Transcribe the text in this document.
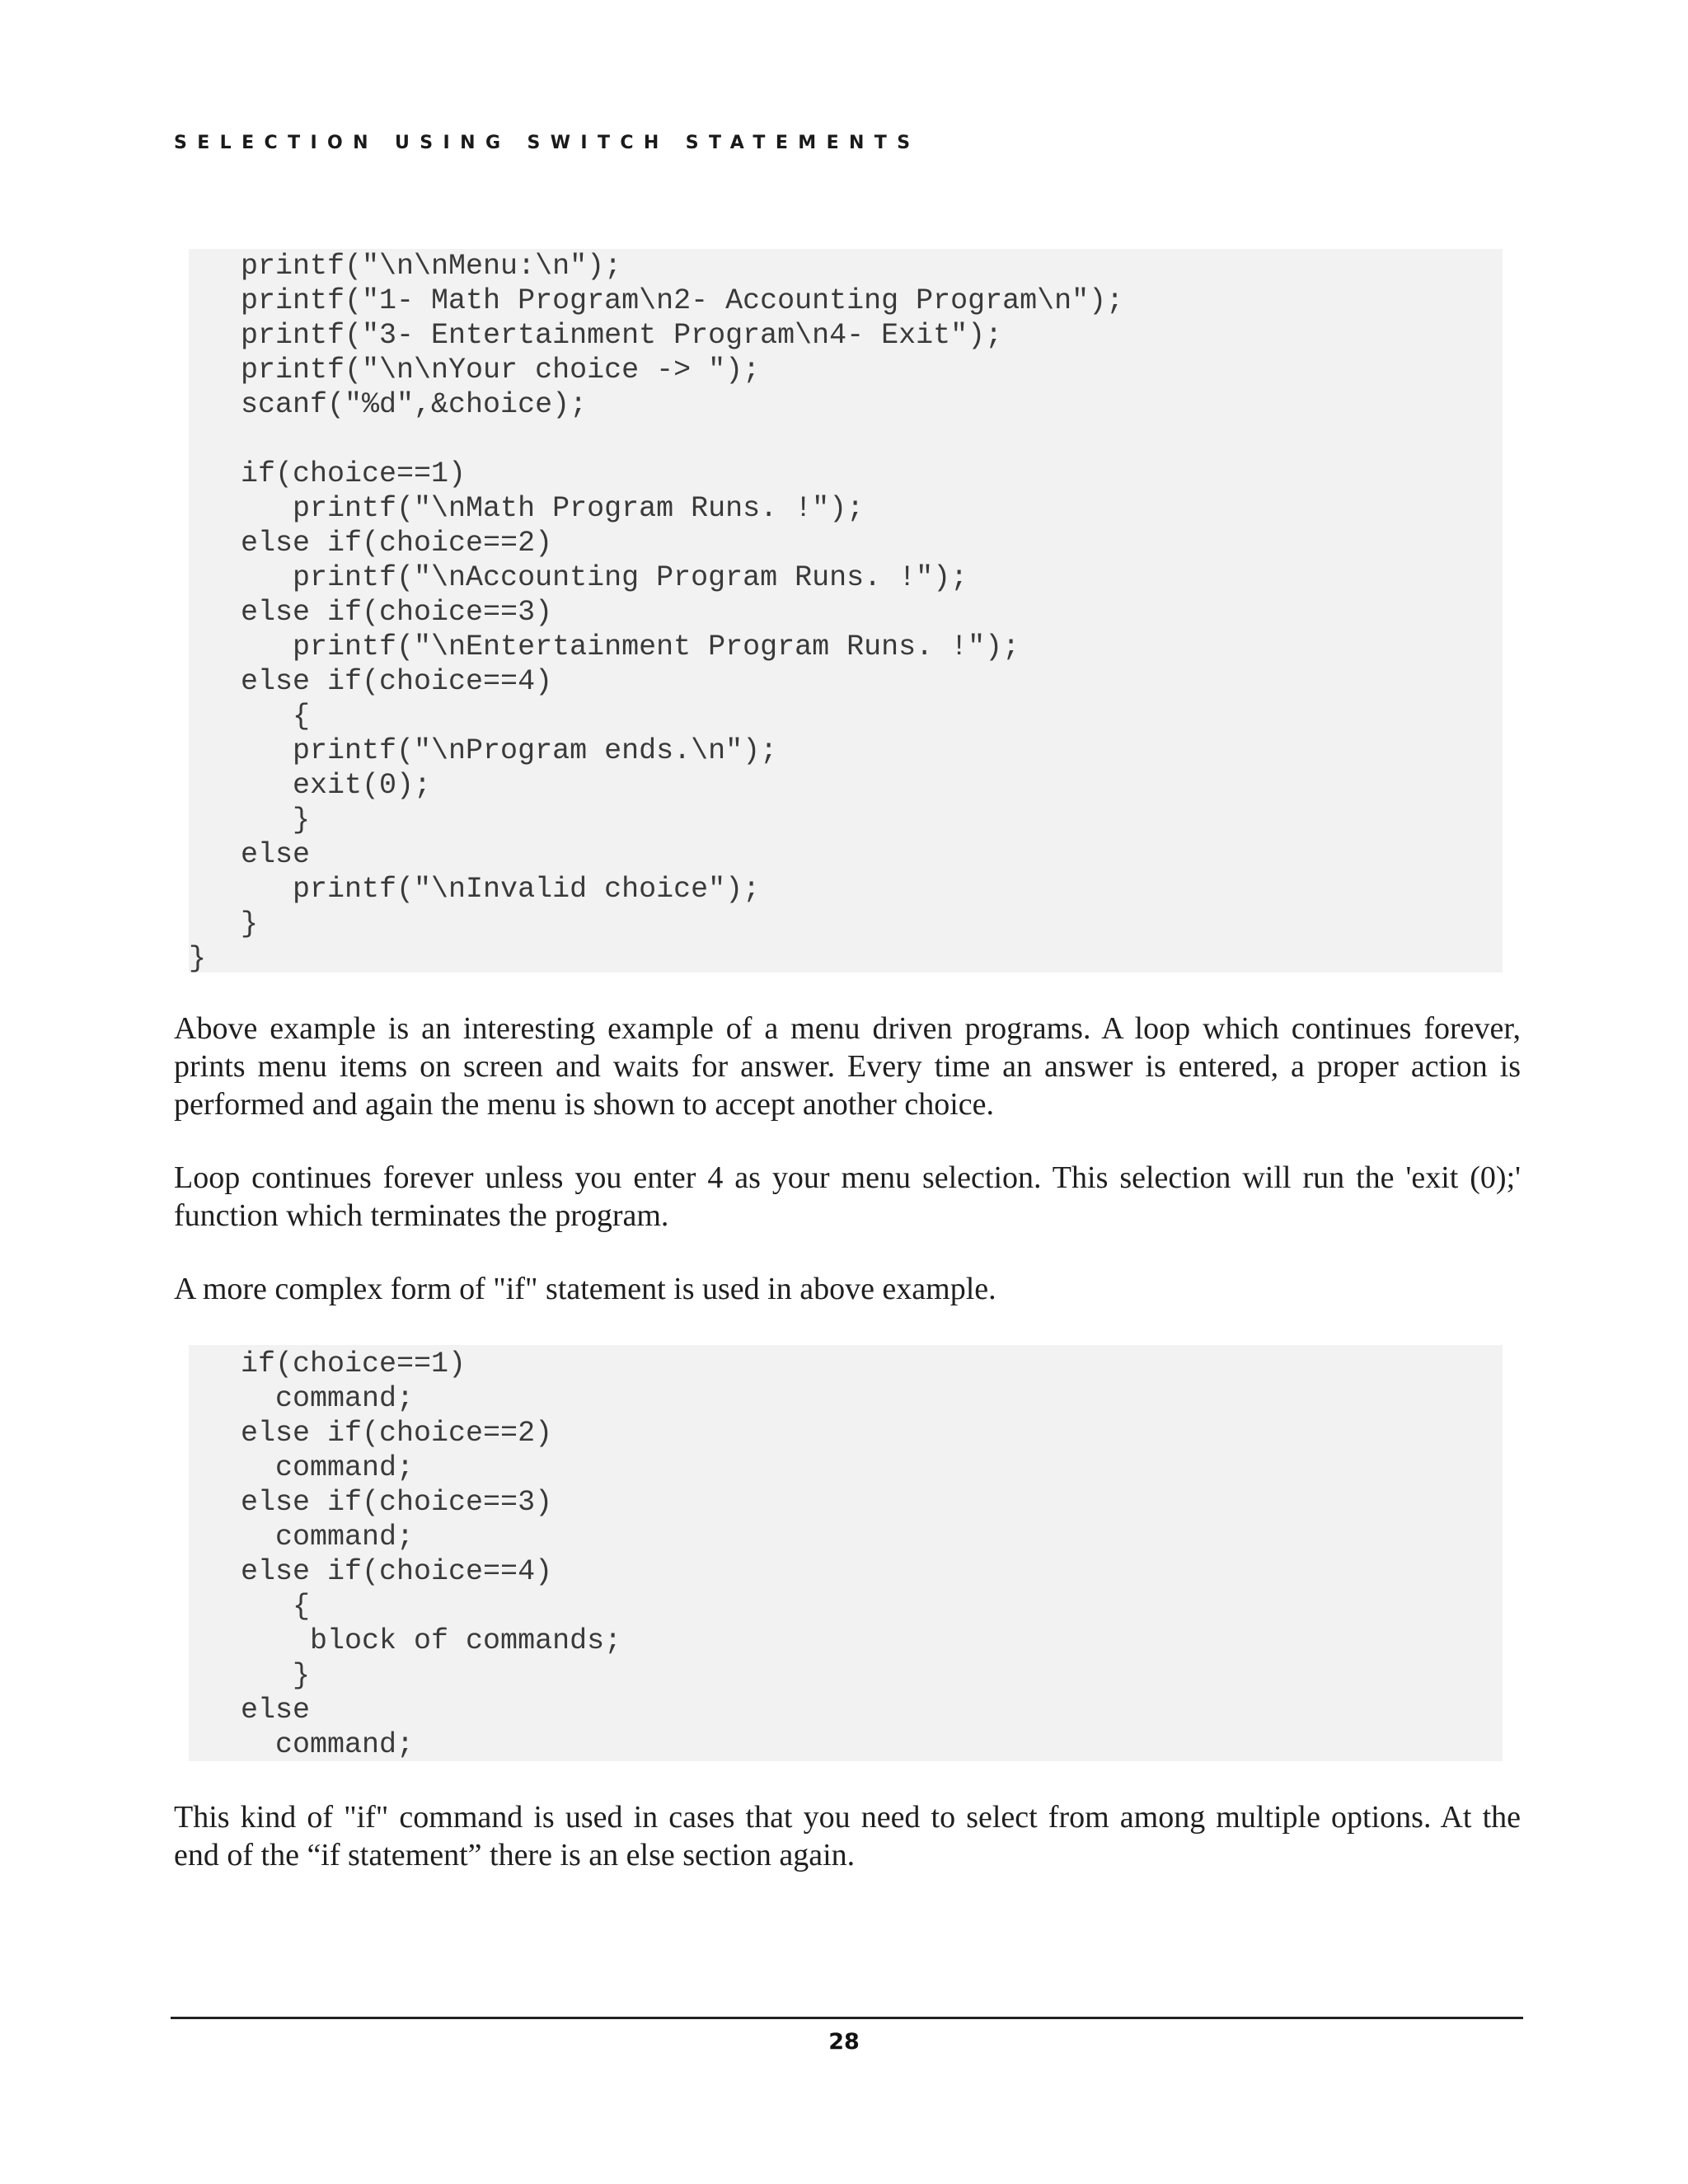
SELECTION USING SWITCH STATEMENTS
printf("\n\nMenu:\n");
printf("1- Math Program\n2- Accounting Program\n");
printf("3- Entertainment Program\n4- Exit");
printf("\n\nYour choice -> ");
scanf("%d",&choice);
if(choice==1)
printf("\nMath Program Runs. !");
else if(choice==2)
printf("\nAccounting Program Runs. !");
else if(choice==3)
printf("\nEntertainment Program Runs. !");
else if(choice==4)
{
printf("\nProgram ends.\n");
exit(0);
}
else
printf("\nInvalid choice");
}
}
Above example is an interesting example of a menu driven programs. A loop which continues forever,
prints menu items on screen and waits for answer. Every time an answer is entered, a proper action is
performed and again the menu is shown to accept another choice.
Loop continues forever unless you enter 4 as your menu selection. This selection will run the 'exit (0);'
function which terminates the program.
A more complex form of "if" statement is used in above example.
if(choice==1)
command;
else if(choice==2)
command;
else if(choice==3)
command;
else if(choice==4)
{
block of commands;
}
else
command;
This kind of "if" command is used in cases that you need to select from among multiple options. At the
end of the “if statement” there is an else section again.
28
